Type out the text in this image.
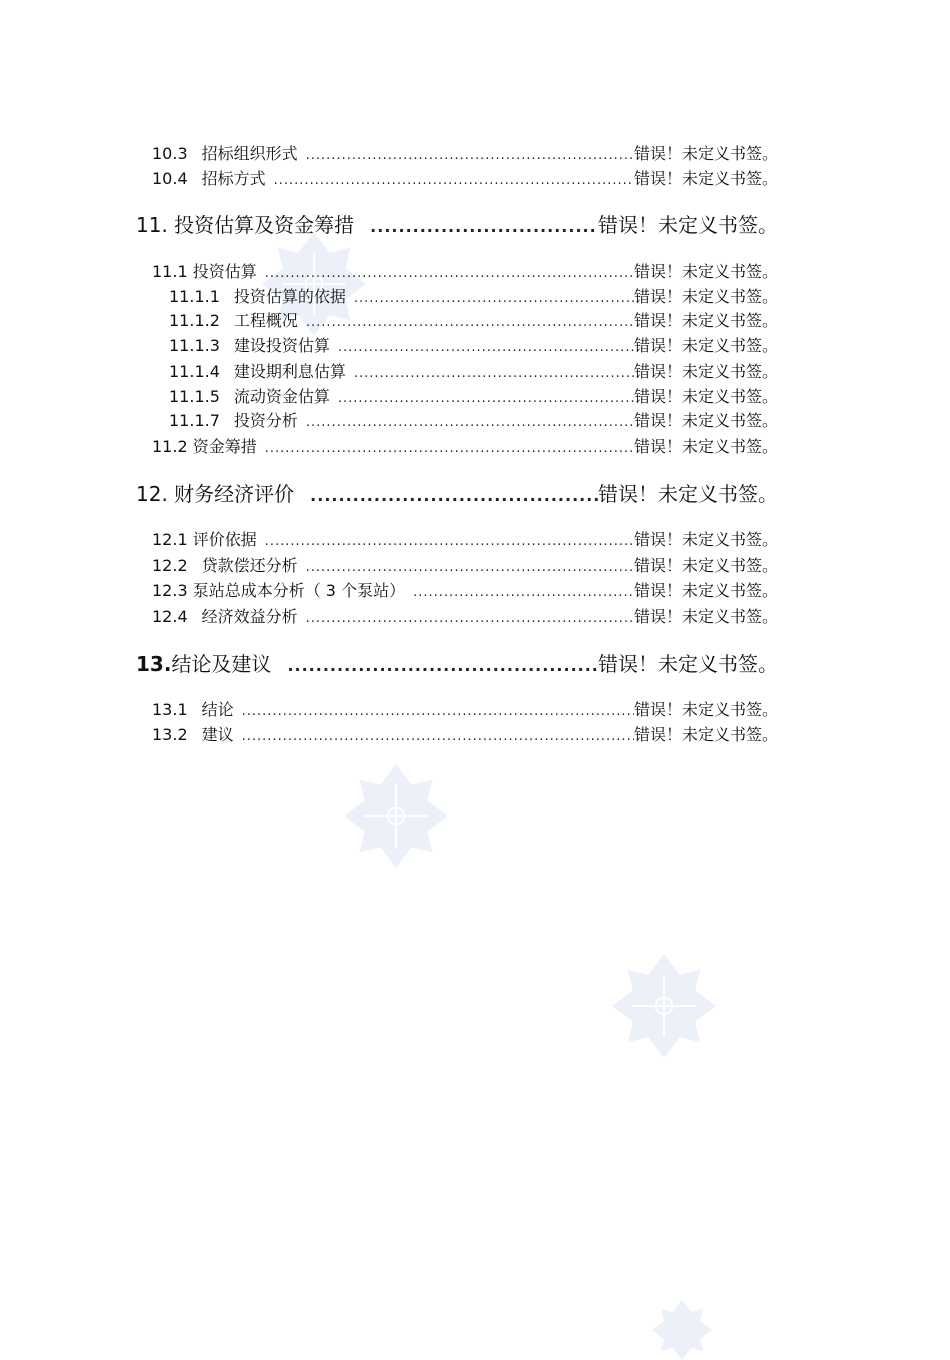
10.3 招标组织形式 .....	错误！未定义书签。
10.4 招标方式 .....	错误！未定义书签。
11. 投资估算及资金筹措 .....	错误！未定义书签。
11.1 投资估算 .....	错误！未定义书签。
11.1.1 投资估算的依据 .....	错误！未定义书签。
11.1.2 工程概况 .....	错误！未定义书签。
11.1.3 建设投资估算 .....	错误！未定义书签。
11.1.4 建设期利息估算 .....	错误！未定义书签。
11.1.5 流动资金估算 .....	错误！未定义书签。
11.1.7 投资分析 .....	错误！未定义书签。
11.2 资金筹措 .....	错误！未定义书签。
12. 财务经济评价 .....	错误！未定义书签。
12.1 评价依据 .....	错误！未定义书签。
12.2 贷款偿还分析 .....	错误！未定义书签。
12.3 泵站总成本分析（ 3 个泵站） .....	错误！未定义书签。
12.4 经济效益分析 .....	错误！未定义书签。
13.结论及建议 .....	错误！未定义书签。
13.1 结论 .....	错误！未定义书签。
13.2 建议 .....	错误！未定义书签。
